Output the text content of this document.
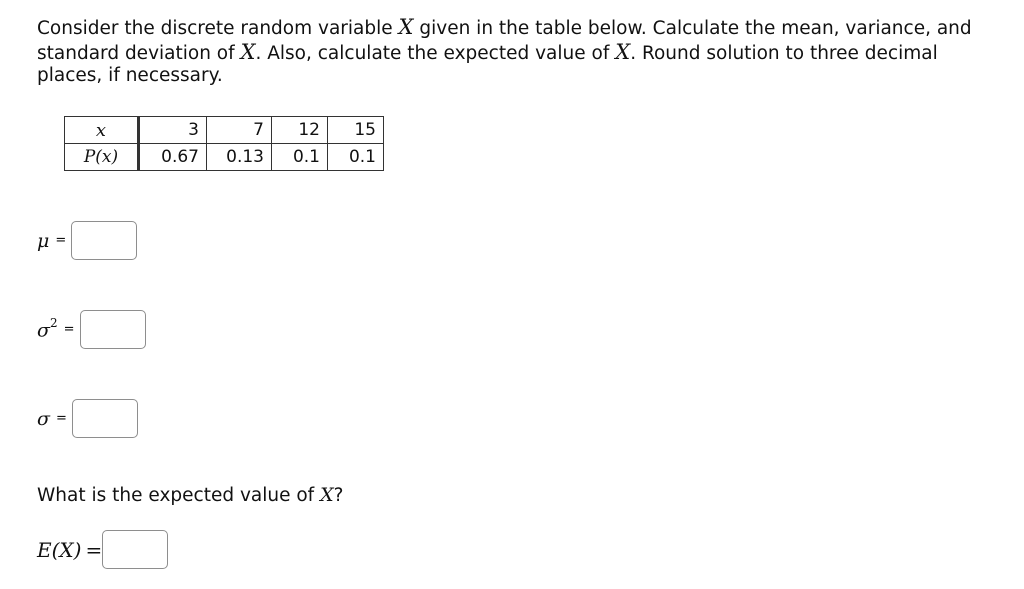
Consider the discrete random variable X given in the table below. Calculate the mean, variance, and standard deviation of X. Also, calculate the expected value of X. Round solution to three decimal places, if necessary.
x	3	7	12	15
P(x)	0.67	0.13	0.1	0.1
μ =
$\sigma^2$ =
σ =
What is the expected value of X?
E(X) =
